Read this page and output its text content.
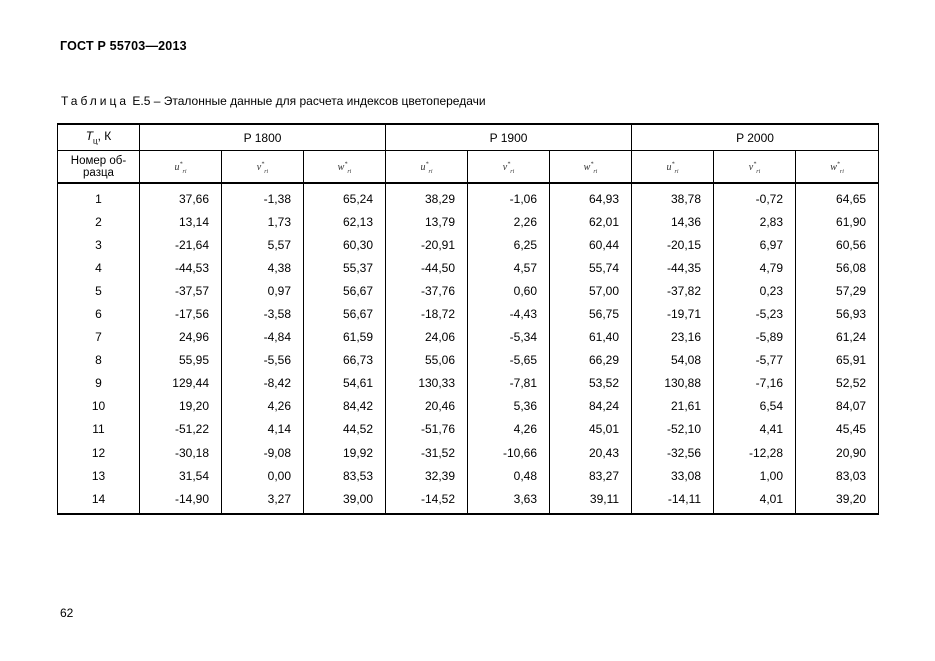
ГОСТ Р 55703—2013
Таблица Е.5 – Эталонные данные для расчета индексов цветопередачи
$T_ц$, К	P 1800			P 1900			P 2000		
Номер об-разца	$u^*_{ri}$	$v^*_{ri}$	$w^*_{ri}$	$u^*_{ri}$	$v^*_{ri}$	$w^*_{ri}$	$u^*_{ri}$	$v^*_{ri}$	$w^*_{ri}$
1	37,66	-1,38	65,24	38,29	-1,06	64,93	38,78	-0,72	64,65
2	13,14	1,73	62,13	13,79	2,26	62,01	14,36	2,83	61,90
3	-21,64	5,57	60,30	-20,91	6,25	60,44	-20,15	6,97	60,56
4	-44,53	4,38	55,37	-44,50	4,57	55,74	-44,35	4,79	56,08
5	-37,57	0,97	56,67	-37,76	0,60	57,00	-37,82	0,23	57,29
6	-17,56	-3,58	56,67	-18,72	-4,43	56,75	-19,71	-5,23	56,93
7	24,96	-4,84	61,59	24,06	-5,34	61,40	23,16	-5,89	61,24
8	55,95	-5,56	66,73	55,06	-5,65	66,29	54,08	-5,77	65,91
9	129,44	-8,42	54,61	130,33	-7,81	53,52	130,88	-7,16	52,52
10	19,20	4,26	84,42	20,46	5,36	84,24	21,61	6,54	84,07
11	-51,22	4,14	44,52	-51,76	4,26	45,01	-52,10	4,41	45,45
12	-30,18	-9,08	19,92	-31,52	-10,66	20,43	-32,56	-12,28	20,90
13	31,54	0,00	83,53	32,39	0,48	83,27	33,08	1,00	83,03
14	-14,90	3,27	39,00	-14,52	3,63	39,11	-14,11	4,01	39,20
62
